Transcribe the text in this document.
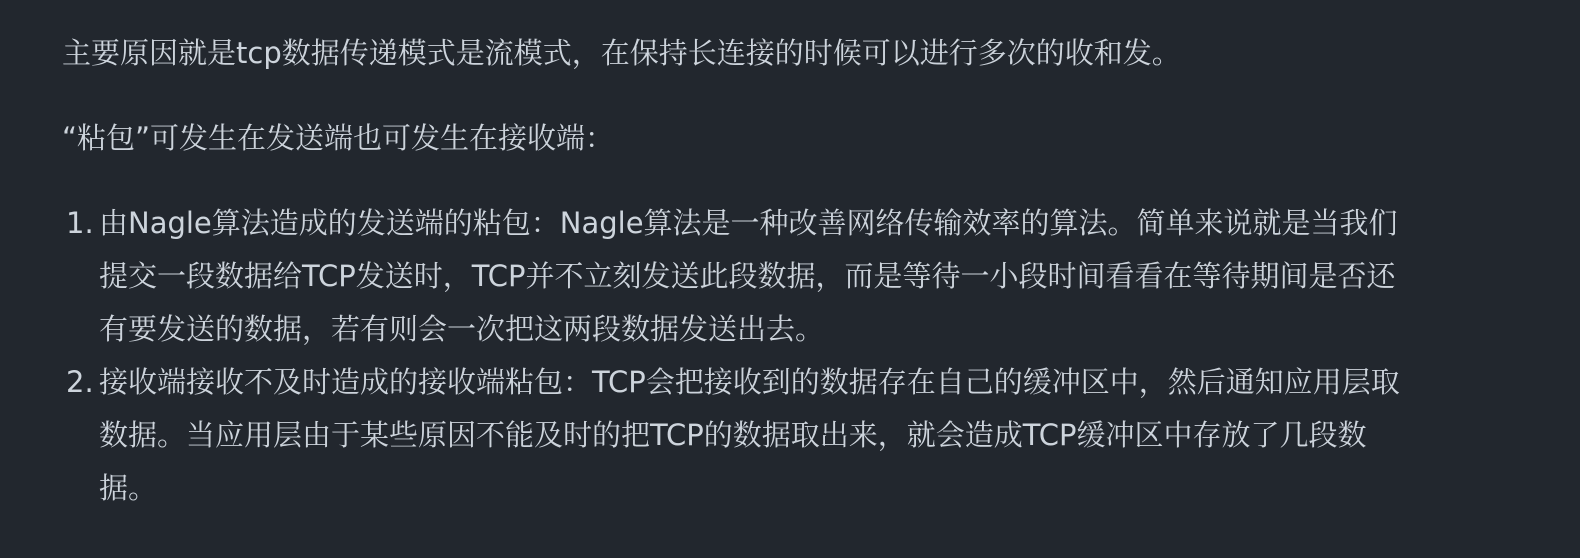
主要原因就是tcp数据传递模式是流模式，在保持长连接的时候可以进行多次的收和发。

“粘包”可发生在发送端也可发生在接收端：

1. 由Nagle算法造成的发送端的粘包：Nagle算法是一种改善网络传输效率的算法。简单来说就是当我们
提交一段数据给TCP发送时，TCP并不立刻发送此段数据，而是等待一小段时间看看在等待期间是否还
有要发送的数据，若有则会一次把这两段数据发送出去。
2. 接收端接收不及时造成的接收端粘包：TCP会把接收到的数据存在自己的缓冲区中，然后通知应用层取
数据。当应用层由于某些原因不能及时的把TCP的数据取出来，就会造成TCP缓冲区中存放了几段数
据。
